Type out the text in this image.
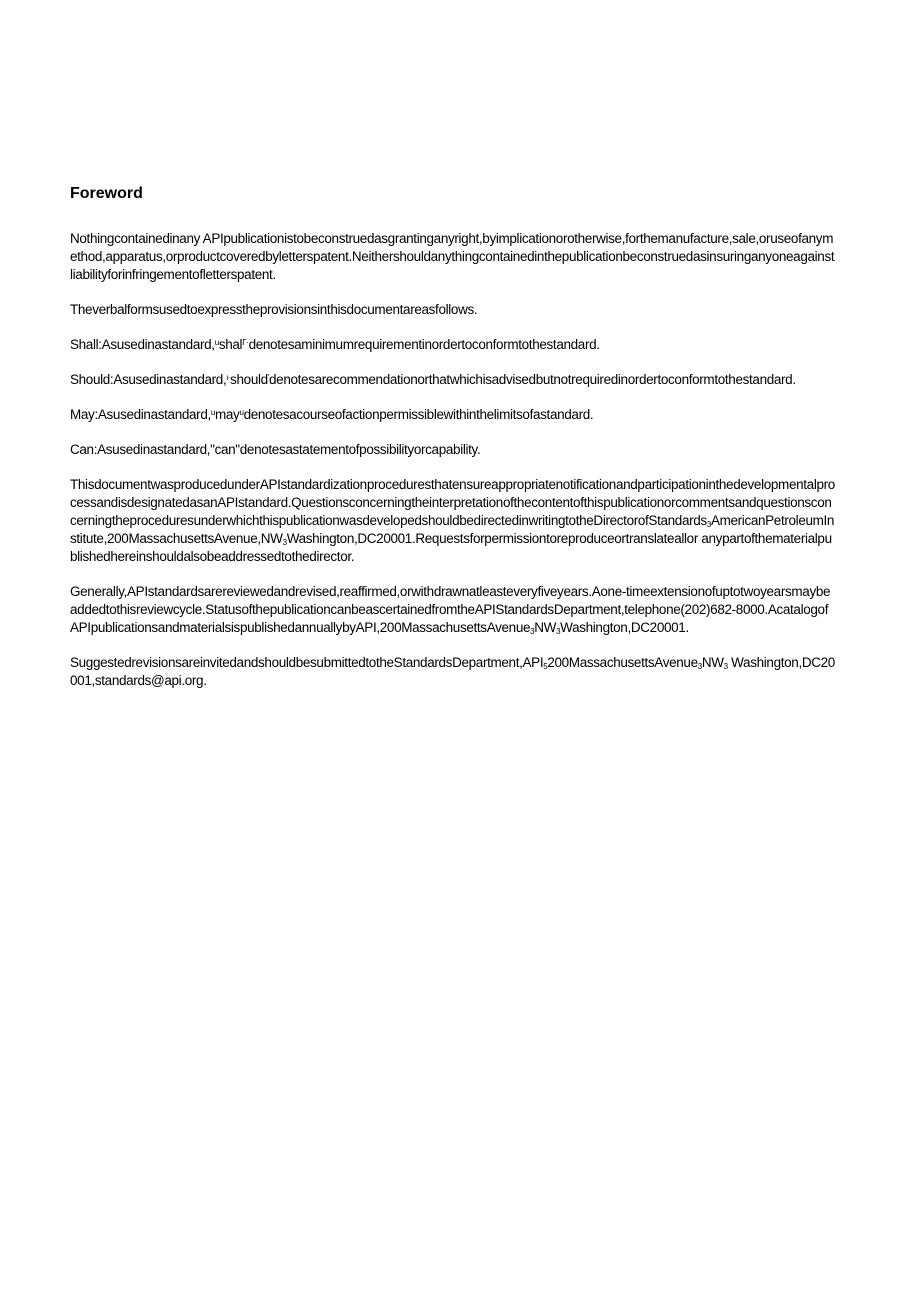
Foreword

Nothingcontainedinany APIpublicationistobeconstruedasgrantinganyright,byimplicationorotherwise,forthemanufacture,sale,oruseofanymethod,apparatus,orproductcoveredbyletterspatent.Neithershouldanythingcontainedinthepublicationbeconstruedasinsuringanyoneagainstliabilityforinfringementofletterspatent.

Theverbalformsusedtoexpresstheprovisionsinthisdocumentareasfollows.

Shall:Asusedinastandard,$^u$shal$^{\Gamma\cdot}$denotesaminimumrequirementinordertoconformtothestandard.

Should:Asusedinastandard,$^{\iota\cdot}$should'denotesarecommendationorthatwhichisadvisedbutnotrequiredinordertoconformtothestandard.

May:Asusedinastandard,$^u$may$^u$denotesacourseofactionpermissiblewithinthelimitsofastandard.

Can:Asusedinastandard,"can"denotesastatementofpossibilityorcapability.

ThisdocumentwasproducedunderAPIstandardizationproceduresthatensureappropriatenotificationandparticipationinthedevelopmentalprocessandisdesignatedasanAPIstandard.QuestionsconcerningtheinterpretationofthecontentofthispublicationorcommentsandquestionsconcerningtheproceduresunderwhichthispublicationwasdevelopedshouldbedirectedinwritingtotheDirectorofStandards$_3$Am$ericanPetroleumInstitute,200MassachusettsAvenue,NW_3Washington,DC20001.Requestsforpermissiontoreproduceortranslateallor$ anypartofthematerialpublishedhereinshouldalsobeaddressedtothedirector.

Generally,APIstandardsarereviewedandrevised,reaffirmed,orwithdrawnatleasteveryfiveyears.Aone-timeextensionofuptotwoyearsmaybeaddedtothisreviewcycle.StatusofthepublicationcanbeascertainedfromtheAPIStandardsDepartment,telephone(202)682-8000.A$catalogofAPIpublicationsandmaterialsispublishedannuallybyAPI,200MassachusettsAvenue_3NW_3Washington,DC20001$.

$SuggestedrevisionsareinvitedandshouldbesubmittedtotheStandardsDepartment,API_5200MassachusettsAvenue_3NW_3$ Washington,DC20001,standards@api.org.
